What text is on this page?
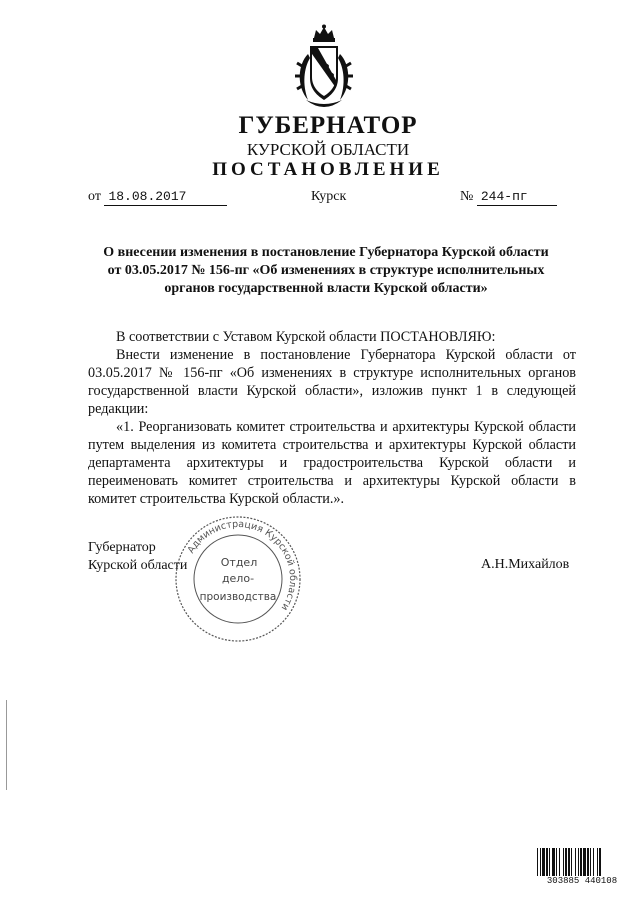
ГУБЕРНАТОР
КУРСКОЙ ОБЛАСТИ
ПОСТАНОВЛЕНИЕ
от 18.08.2017	Курск	№ 244-пг
О внесении изменения в постановление Губернатора Курской области
от 03.05.2017 № 156-пг «Об изменениях в структуре исполнительных
органов государственной власти Курской области»

В соответствии с Уставом Курской области ПОСТАНОВЛЯЮ:

Внести изменение в постановление Губернатора Курской области от 03.05.2017 № 156-пг «Об изменениях в структуре исполнительных органов государственной власти Курской области», изложив пункт 1 в следующей редакции:

«1. Реорганизовать комитет строительства и архитектуры Курской области путем выделения из комитета строительства и архитектуры Курской области департамента архитектуры и градостроительства Курской области и переименовать комитет строительства и архитектуры Курской области в комитет строительства Курской области.».

Губернатор
Курской области	А.Н.Михайлов
Администрация Курской области
Отдел
дело-
производства
303885 440108
